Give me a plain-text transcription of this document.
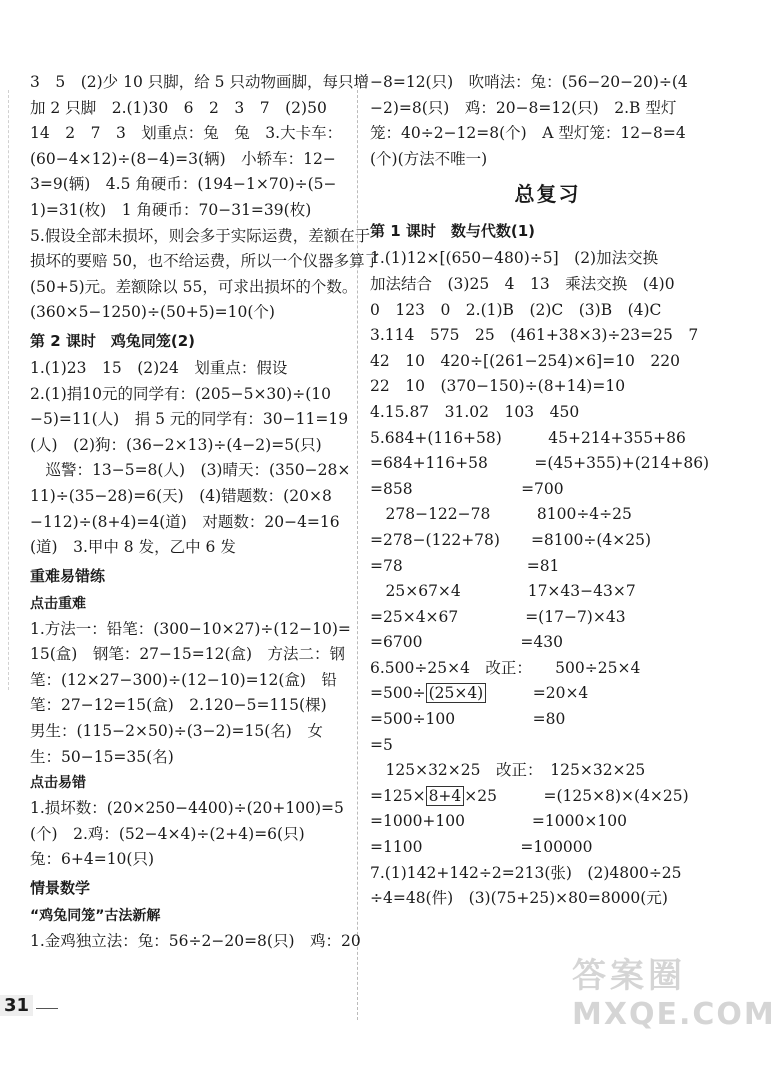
3　5　(2)少 10 只脚，给 5 只动物画脚，每只增
加 2 只脚　2.(1)30　6　2　3　7　(2)50
14　2　7　3　划重点：兔　兔　3.大卡车：
(60−4×12)÷(8−4)=3(辆)　小轿车：12−
3=9(辆)　4.5 角硬币：(194−1×70)÷(5−
1)=31(枚)　1 角硬币：70−31=39(枚)
5.假设全部未损坏，则会多于实际运费，差额在于
损坏的要赔 50，也不给运费，所以一个仪器多算了
(50+5)元。差额除以 55，可求出损坏的个数。
(360×5−1250)÷(50+5)=10(个)
第 2 课时　鸡兔同笼(2)
1.(1)23　15　(2)24　划重点：假设
2.(1)捐10元的同学有：(205−5×30)÷(10
−5)=11(人)　捐 5 元的同学有：30−11=19
(人)　(2)狗：(36−2×13)÷(4−2)=5(只)
　巡警：13−5=8(人)　(3)晴天：(350−28×
11)÷(35−28)=6(天)　(4)错题数：(20×8
−112)÷(8+4)=4(道)　对题数：20−4=16
(道)　3.甲中 8 发，乙中 6 发
重难易错练
点击重难
1.方法一：铅笔：(300−10×27)÷(12−10)=
15(盒)　钢笔：27−15=12(盒)　方法二：钢
笔：(12×27−300)÷(12−10)=12(盒)　铅
笔：27−12=15(盒)　2.120−5=115(棵)
男生：(115−2×50)÷(3−2)=15(名)　女
生：50−15=35(名)
点击易错
1.损坏数：(20×250−4400)÷(20+100)=5
(个)　2.鸡：(52−4×4)÷(2+4)=6(只)
兔：6+4=10(只)
情景数学
“鸡兔同笼”古法新解
1.金鸡独立法：兔：56÷2−20=8(只)　鸡：20
−8=12(只)　吹哨法：兔：(56−20−20)÷(4
−2)=8(只)　鸡：20−8=12(只)　2.B 型灯
笼：40÷2−12=8(个)　A 型灯笼：12−8=4
(个)(方法不唯一)
总复习
第 1 课时　数与代数(1)
1.(1)12×[(650−480)÷5]　(2)加法交换
加法结合　(3)25　4　13　乘法交换　(4)0
0　123　0　2.(1)B　(2)C　(3)B　(4)C
3.114　575　25　(461+38×3)÷23=25　7
42　10　420÷[(261−254)×6]=10　220
22　10　(370−150)÷(8+14)=10
4.15.87　31.02　103　450
5.684+(116+58)　　　45+214+355+86
=684+116+58　　　=(45+355)+(214+86)
=858　　　　　　　=700
　278−122−78　　　8100÷4÷25
=278−(122+78)　　=8100÷(4×25)
=78　　　　　　　　=81
　25×67×4　　　　 17×43−43×7
=25×4×67　　　　 =(17−7)×43
=6700　　　　　　 =430
6.500÷25×4　改正：　　500÷25×4
=500÷ (25×4)　　　=20×4
=500÷100　　　　　=80
=5
　125×32×25　改正：　125×32×25
=125× 8+4 ×25　　　=(125×8)×(4×25)
=1000+100　　　　 =1000×100
=1100　　　　　　 =100000
7.(1)142+142÷2=213(张)　(2)4800÷25
÷4=48(件)　(3)(75+25)×80=8000(元)
31
答案圈
MXQE.COM
